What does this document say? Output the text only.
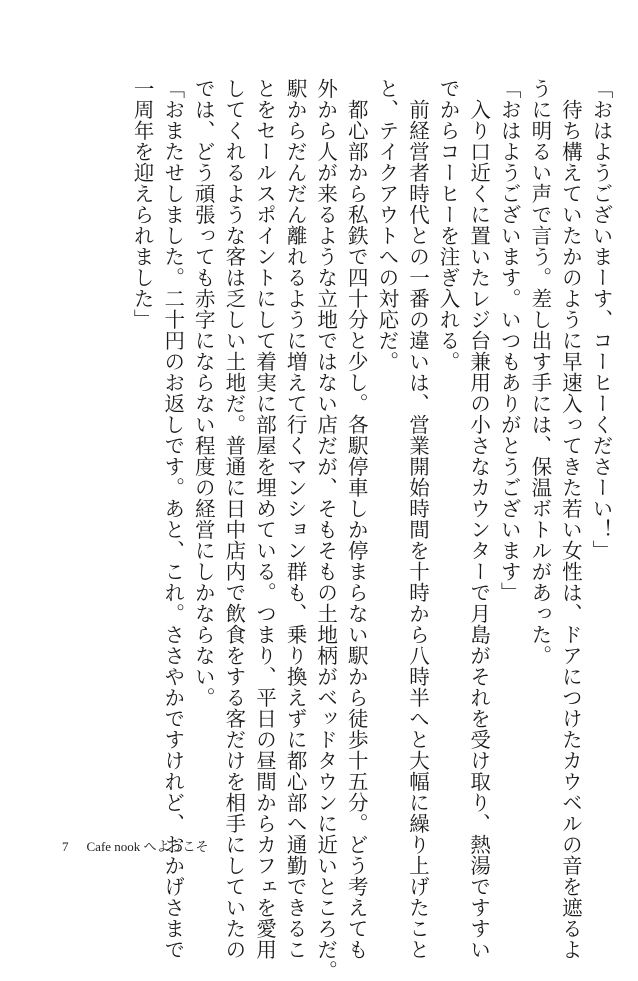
「おはようございまーす、コーヒーくださーい！」
　待ち構えていたかのように早速入ってきた若い女性は、ドアにつけたカウベルの音を遮るよ
うに明るい声で言う。差し出す手には、保温ボトルがあった。
「おはようございます。いつもありがとうございます」
　入り口近くに置いたレジ台兼用の小さなカウンターで月島がそれを受け取り、熱湯ですすい
でからコーヒーを注ぎ入れる。
　前経営者時代との一番の違いは、営業開始時間を十時から八時半へと大幅に繰り上げたこと
と、テイクアウトへの対応だ。
　都心部から私鉄で四十分と少し。各駅停車しか停まらない駅から徒歩十五分。どう考えても
外から人が来るような立地ではない店だが、そもそもの土地柄がベッドタウンに近いところだ。
駅からだんだん離れるように増えて行くマンション群も、乗り換えずに都心部へ通勤できるこ
とをセールスポイントにして着実に部屋を埋めている。つまり、平日の昼間からカフェを愛用
してくれるような客は乏しい土地だ。普通に日中店内で飲食をする客だけを相手にしていたの
では、どう頑張っても赤字にならない程度の経営にしかならない。
「おまたせしました。二十円のお返しです。あと、これ。ささやかですけれど、おかげさまで
一周年を迎えられました」
7 Cafe nook へようこそ
